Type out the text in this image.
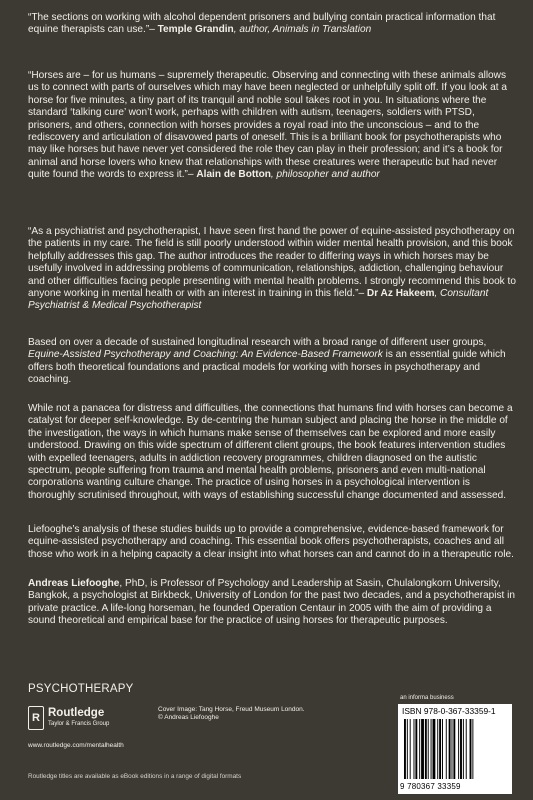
“The sections on working with alcohol dependent prisoners and bullying contain practical information that equine therapists can use.”– Temple Grandin, author, Animals in Translation

“Horses are – for us humans – supremely therapeutic. Observing and connecting with these animals allows us to connect with parts of ourselves which may have been neglected or unhelpfully split off. If you look at a horse for five minutes, a tiny part of its tranquil and noble soul takes root in you. In situations where the standard ‘talking cure’ won’t work, perhaps with children with autism, teenagers, soldiers with PTSD, prisoners, and others, connection with horses provides a royal road into the unconscious – and to the rediscovery and articulation of disavowed parts of oneself. This is a brilliant book for psychotherapists who may like horses but have never yet considered the role they can play in their profession; and it’s a book for animal and horse lovers who knew that relationships with these creatures were therapeutic but had never quite found the words to express it.”– Alain de Botton, philosopher and author

“As a psychiatrist and psychotherapist, I have seen first hand the power of equine-assisted psychotherapy on the patients in my care. The field is still poorly understood within wider mental health provision, and this book helpfully addresses this gap. The author introduces the reader to differing ways in which horses may be usefully involved in addressing problems of communication, relationships, addiction, challenging behaviour and other difficulties facing people presenting with mental health problems. I strongly recommend this book to anyone working in mental health or with an interest in training in this field.”– Dr Az Hakeem, Consultant Psychiatrist & Medical Psychotherapist

Based on over a decade of sustained longitudinal research with a broad range of different user groups, Equine-Assisted Psychotherapy and Coaching: An Evidence-Based Framework is an essential guide which offers both theoretical foundations and practical models for working with horses in psychotherapy and coaching.

While not a panacea for distress and difficulties, the connections that humans find with horses can become a catalyst for deeper self-knowledge. By de-centring the human subject and placing the horse in the middle of the investigation, the ways in which humans make sense of themselves can be explored and more easily understood. Drawing on this wide spectrum of different client groups, the book features intervention studies with expelled teenagers, adults in addiction recovery programmes, children diagnosed on the autistic spectrum, people suffering from trauma and mental health problems, prisoners and even multi-national corporations wanting culture change. The practice of using horses in a psychological intervention is thoroughly scrutinised throughout, with ways of establishing successful change documented and assessed.

Liefooghe’s analysis of these studies builds up to provide a comprehensive, evidence-based framework for equine-assisted psychotherapy and coaching. This essential book offers psychotherapists, coaches and all those who work in a helping capacity a clear insight into what horses can and cannot do in a therapeutic role.

Andreas Liefooghe, PhD, is Professor of Psychology and Leadership at Sasin, Chulalongkorn University, Bangkok, a psychologist at Birkbeck, University of London for the past two decades, and a psychotherapist in private practice. A life-long horseman, he founded Operation Centaur in 2005 with the aim of providing a sound theoretical and empirical base for the practice of using horses for therapeutic purposes.

PSYCHOTHERAPY
R Routledge
Taylor & Francis Group
www.routledge.com/mentalhealth
Cover Image: Tang Horse, Freud Museum London.
© Andreas Liefooghe
an informa business
ISBN 978-0-367-33359-1
9 780367 33359
Routledge titles are available as eBook editions in a range of digital formats
